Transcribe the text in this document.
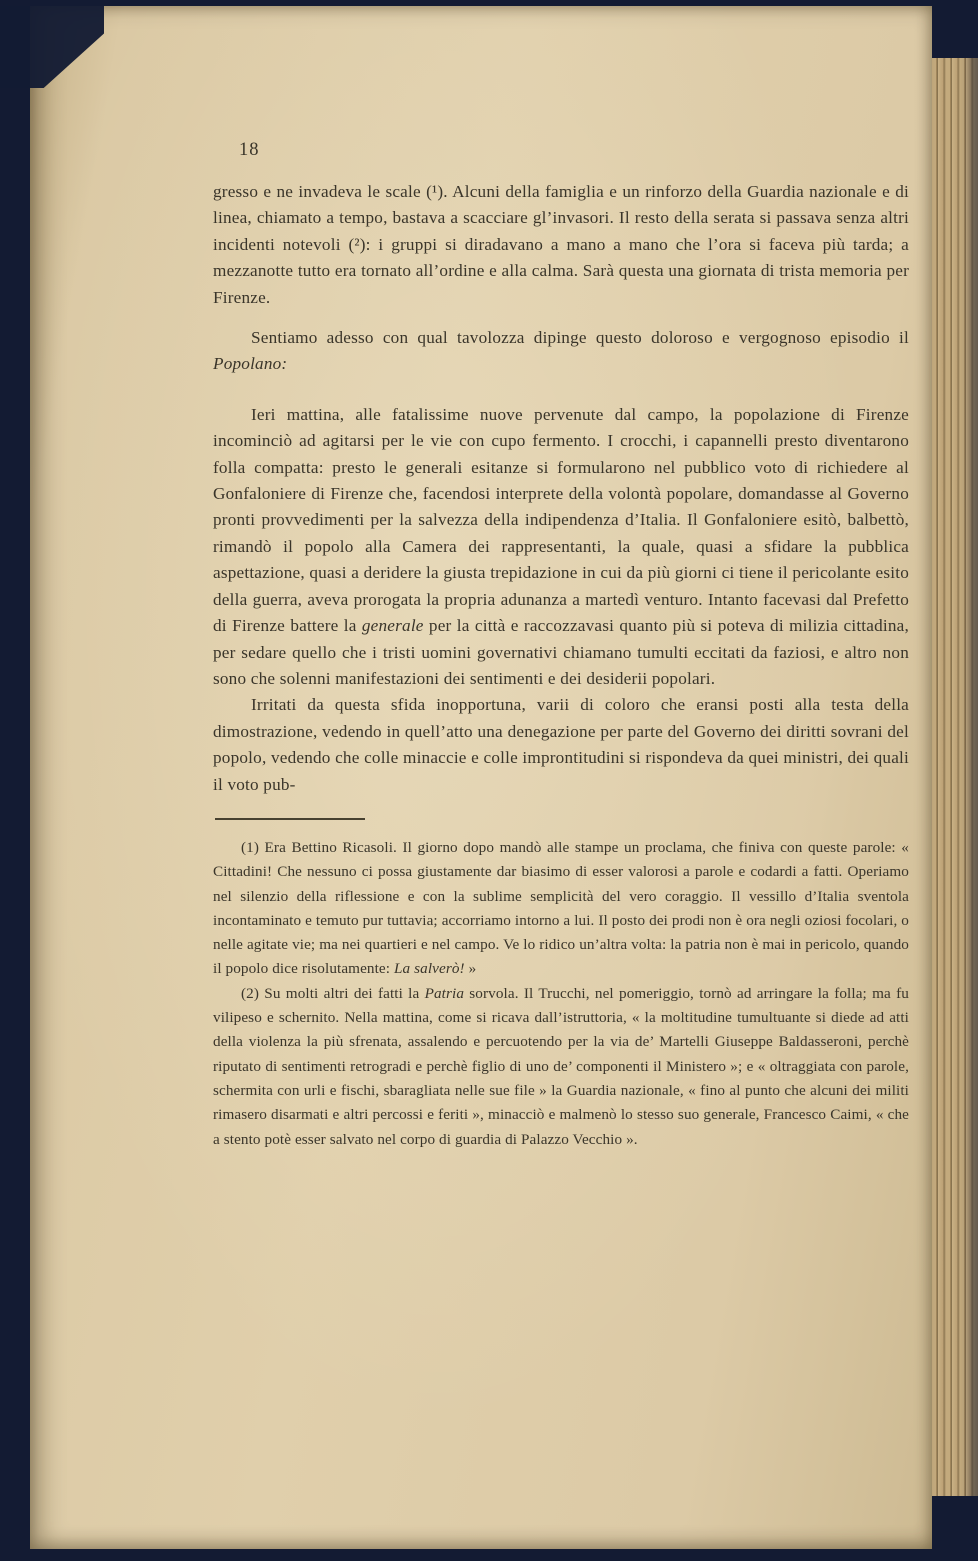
18

gresso e ne invadeva le scale (¹). Alcuni della famiglia e un rinforzo della Guardia nazionale e di linea, chiamato a tempo, bastava a scacciare gl’invasori. Il resto della serata si passava senza altri incidenti notevoli (²): i gruppi si diradavano a mano a mano che l’ora si faceva più tarda; a mezzanotte tutto era tornato all’ordine e alla calma. Sarà questa una giornata di trista memoria per Firenze.

Sentiamo adesso con qual tavolozza dipinge questo doloroso e vergognoso episodio il Popolano:

Ieri mattina, alle fatalissime nuove pervenute dal campo, la popolazione di Firenze incominciò ad agitarsi per le vie con cupo fermento. I crocchi, i capannelli presto diventarono folla compatta: presto le generali esitanze si formularono nel pubblico voto di richiedere al Gonfaloniere di Firenze che, facendosi interprete della volontà popolare, domandasse al Governo pronti provvedimenti per la salvezza della indipendenza d’Italia. Il Gonfaloniere esitò, balbettò, rimandò il popolo alla Camera dei rappresentanti, la quale, quasi a sfidare la pubblica aspettazione, quasi a deridere la giusta trepidazione in cui da più giorni ci tiene il pericolante esito della guerra, aveva prorogata la propria adunanza a martedì venturo. Intanto facevasi dal Prefetto di Firenze battere la generale per la città e raccozzavasi quanto più si poteva di milizia cittadina, per sedare quello che i tristi uomini governativi chiamano tumulti eccitati da faziosi, e altro non sono che solenni manifestazioni dei sentimenti e dei desiderii popolari.

Irritati da questa sfida inopportuna, varii di coloro che eransi posti alla testa della dimostrazione, vedendo in quell’atto una denegazione per parte del Governo dei diritti sovrani del popolo, vedendo che colle minaccie e colle improntitudini si rispondeva da quei ministri, dei quali il voto pub-

(1) Era Bettino Ricasoli. Il giorno dopo mandò alle stampe un proclama, che finiva con queste parole: « Cittadini! Che nessuno ci possa giustamente dar biasimo di esser valorosi a parole e codardi a fatti. Operiamo nel silenzio della riflessione e con la sublime semplicità del vero coraggio. Il vessillo d’Italia sventola incontaminato e temuto pur tuttavia; accorriamo intorno a lui. Il posto dei prodi non è ora negli oziosi focolari, o nelle agitate vie; ma nei quartieri e nel campo. Ve lo ridico un’altra volta: la patria non è mai in pericolo, quando il popolo dice risolutamente: La salverò! »

(2) Su molti altri dei fatti la Patria sorvola. Il Trucchi, nel pomeriggio, tornò ad arringare la folla; ma fu vilipeso e schernito. Nella mattina, come si ricava dall’istruttoria, « la moltitudine tumultuante si diede ad atti della violenza la più sfrenata, assalendo e percuotendo per la via de’ Martelli Giuseppe Baldasseroni, perchè riputato di sentimenti retrogradi e perchè figlio di uno de’ componenti il Ministero »; e « oltraggiata con parole, schermita con urli e fischi, sbaragliata nelle sue file » la Guardia nazionale, « fino al punto che alcuni dei militi rimasero disarmati e altri percossi e feriti », minacciò e malmenò lo stesso suo generale, Francesco Caimi, « che a stento potè esser salvato nel corpo di guardia di Palazzo Vecchio ».
